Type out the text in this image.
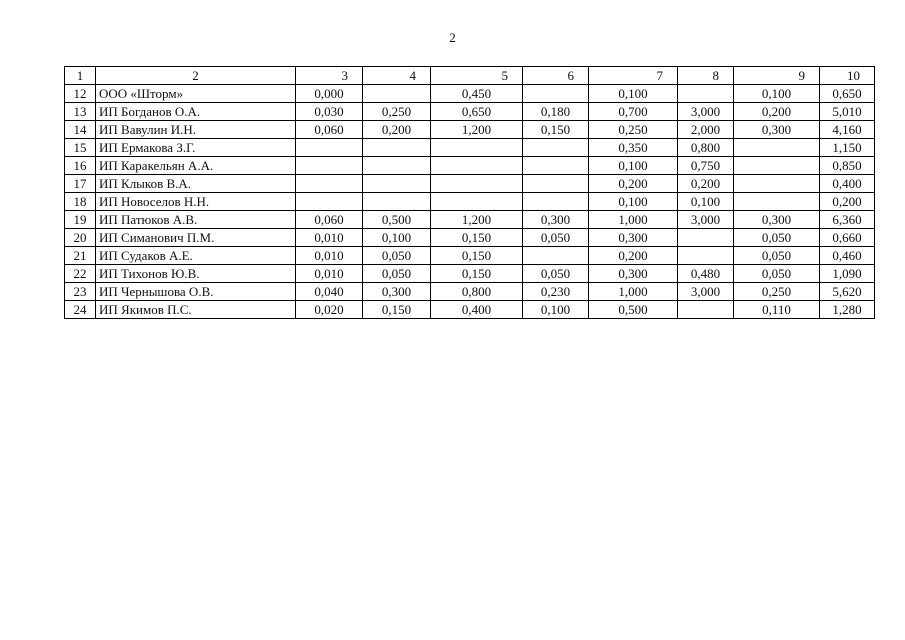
2
1	2	3	4	5	6	7	8	9	10
12	ООО «Шторм»	0,000		0,450		0,100		0,100	0,650
13	ИП Богданов О.А.	0,030	0,250	0,650	0,180	0,700	3,000	0,200	5,010
14	ИП Вавулин И.Н.	0,060	0,200	1,200	0,150	0,250	2,000	0,300	4,160
15	ИП Ермакова З.Г.					0,350	0,800		1,150
16	ИП Каракельян А.А.					0,100	0,750		0,850
17	ИП Клыков В.А.					0,200	0,200		0,400
18	ИП Новоселов Н.Н.					0,100	0,100		0,200
19	ИП Патюков А.В.	0,060	0,500	1,200	0,300	1,000	3,000	0,300	6,360
20	ИП Симанович П.М.	0,010	0,100	0,150	0,050	0,300		0,050	0,660
21	ИП Судаков А.Е.	0,010	0,050	0,150		0,200		0,050	0,460
22	ИП Тихонов Ю.В.	0,010	0,050	0,150	0,050	0,300	0,480	0,050	1,090
23	ИП Чернышова О.В.	0,040	0,300	0,800	0,230	1,000	3,000	0,250	5,620
24	ИП Якимов П.С.	0,020	0,150	0,400	0,100	0,500		0,110	1,280
